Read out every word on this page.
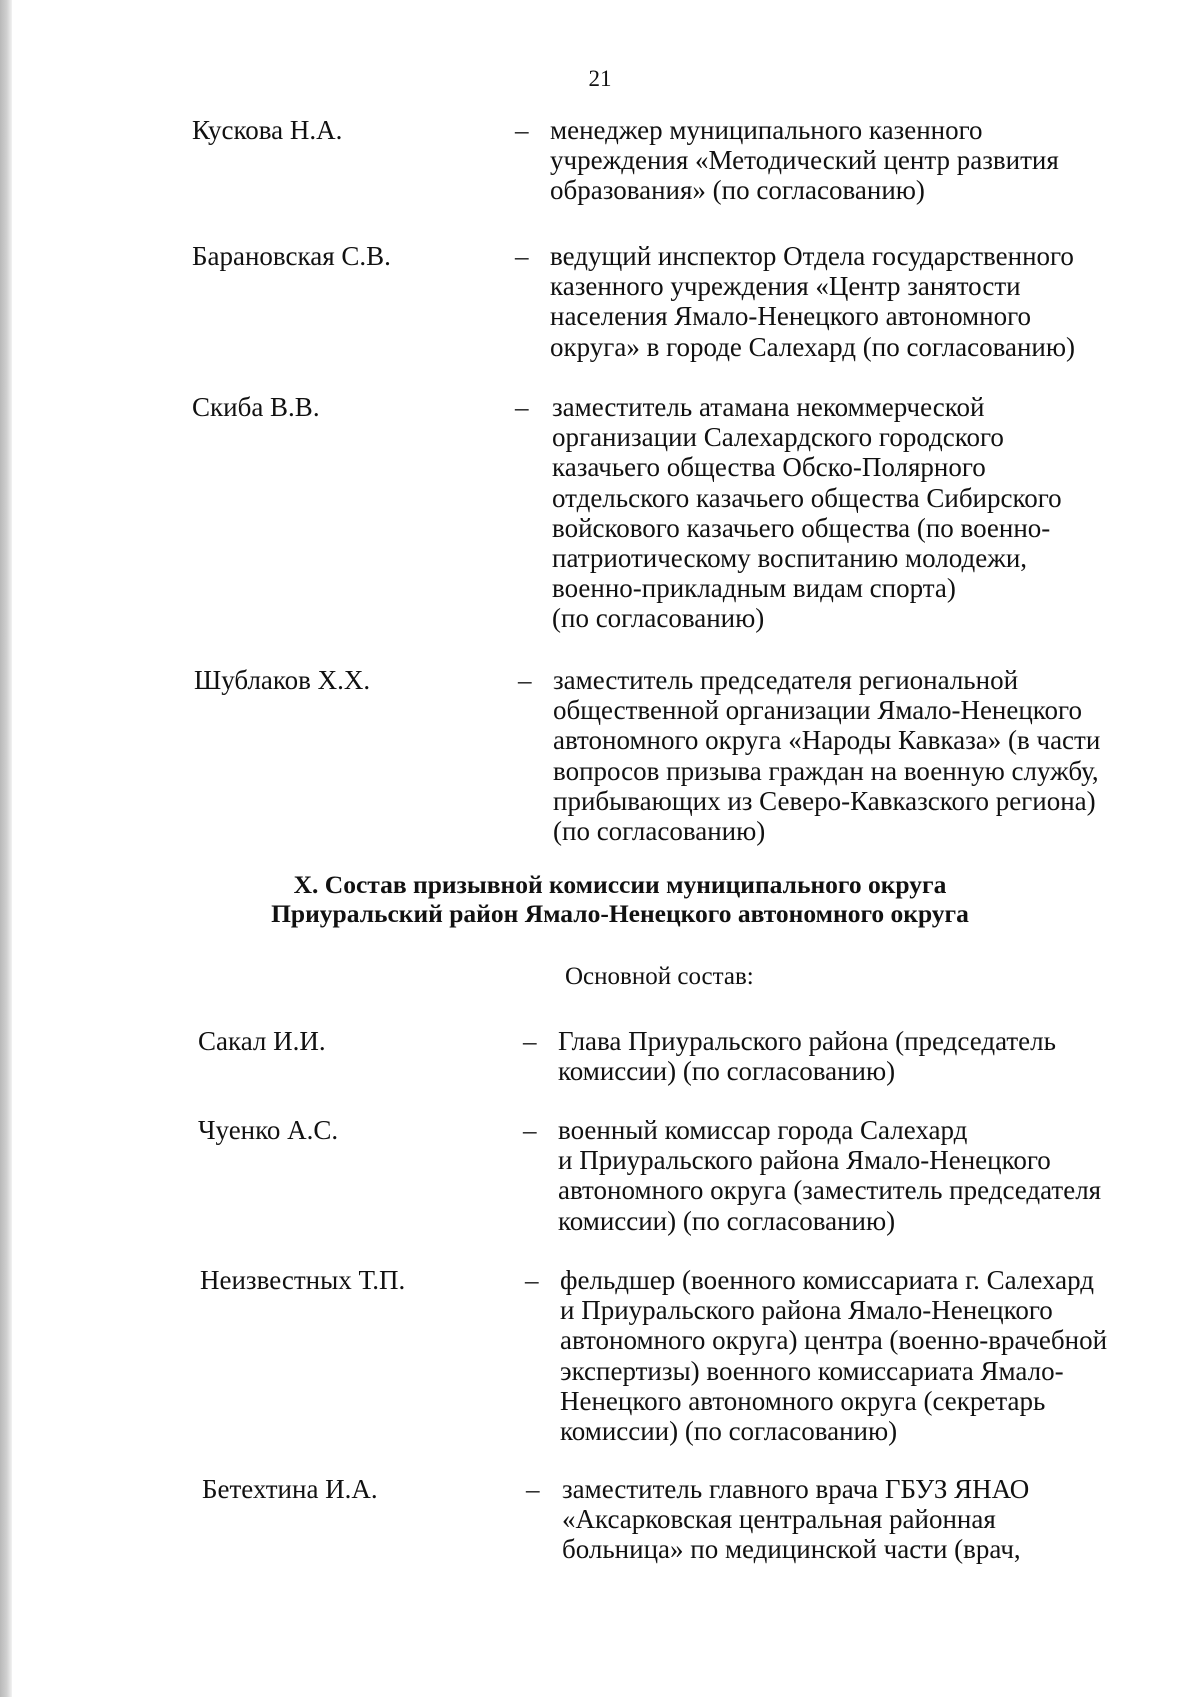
21
Кускова Н.А.	– менеджер муниципального казенного
учреждения «Методический центр развития
образования» (по согласованию)
Барановская С.В.	– ведущий инспектор Отдела государственного
казенного учреждения «Центр занятости
населения Ямало-Ненецкого автономного
округа» в городе Салехард (по согласованию)
Скиба В.В.	– заместитель атамана некоммерческой
организации Салехардского городского
казачьего общества Обско-Полярного
отдельского казачьего общества Сибирского
войскового казачьего общества (по военно-
патриотическому воспитанию молодежи,
военно-прикладным видам спорта)
(по согласованию)
Шублаков Х.Х.	– заместитель председателя региональной
общественной организации Ямало-Ненецкого
автономного округа «Народы Кавказа» (в части
вопросов призыва граждан на военную службу,
прибывающих из Северо-Кавказского региона)
(по согласованию)
X. Состав призывной комиссии муниципального округа
Приуральский район Ямало-Ненецкого автономного округа
Основной состав:
Сакал И.И.	– Глава Приуральского района (председатель
комиссии) (по согласованию)
Чуенко А.С.	– военный комиссар города Салехард
и Приуральского района Ямало-Ненецкого
автономного округа (заместитель председателя
комиссии) (по согласованию)
Неизвестных Т.П.	– фельдшер (военного комиссариата г. Салехард
и Приуральского района Ямало-Ненецкого
автономного округа) центра (военно-врачебной
экспертизы) военного комиссариата Ямало-
Ненецкого автономного округа (секретарь
комиссии) (по согласованию)
Бетехтина И.А.	– заместитель главного врача ГБУЗ ЯНАО
«Аксарковская центральная районная
больница» по медицинской части (врач,
